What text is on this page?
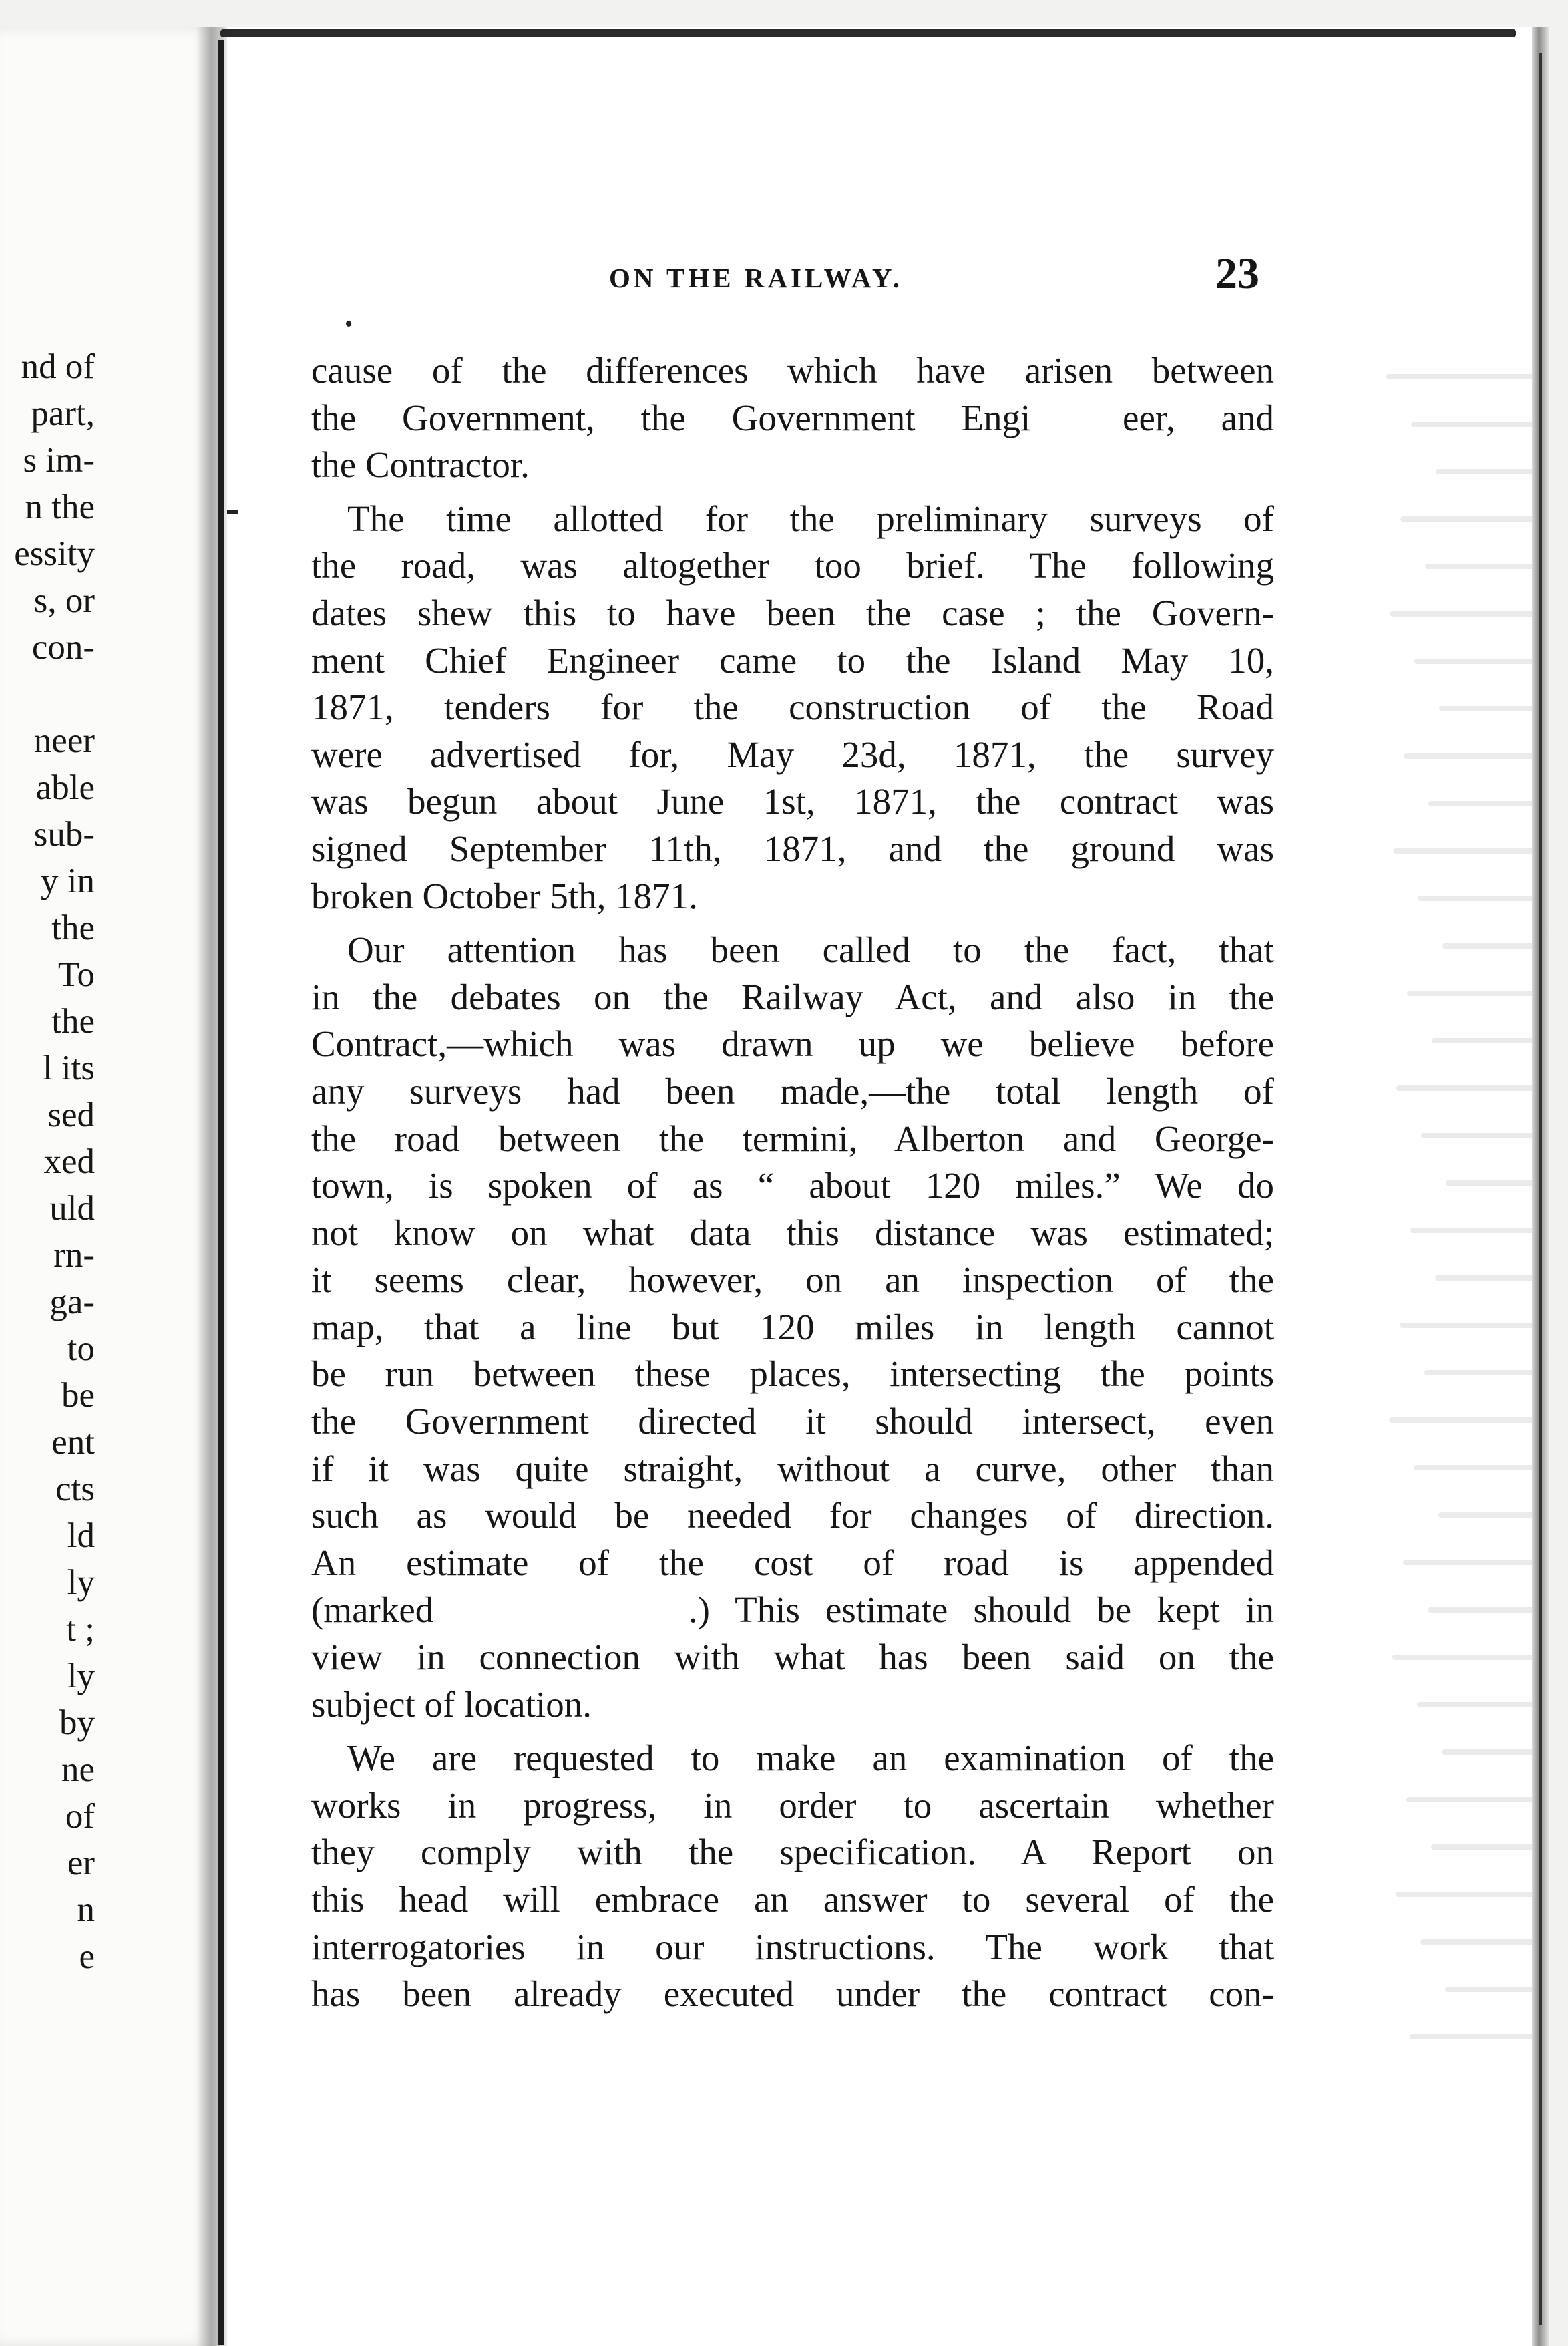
nd of
part,
s im-
n the
essity
s, or
con-

neer
able
sub-
y in
the
To
the
l its
sed
xed
uld
rn-
ga-
to
be
ent
cts
ld
ly
t ;
ly
by
ne
of
er
n
e
ON THE RAILWAY.	23
cause of the differences which have arisen between
the Government, the Government Engi  eer, and
the Contractor.
The time allotted for the preliminary surveys of
the road, was altogether too brief. The following
dates shew this to have been the case ; the Govern-
ment Chief Engineer came to the Island May 10,
1871, tenders for the construction of the Road
were advertised for, May 23d, 1871, the survey
was begun about June 1st, 1871, the contract was
signed September 11th, 1871, and the ground was
broken October 5th, 1871.
Our attention has been called to the fact, that
in the debates on the Railway Act, and also in the
Contract,—which was drawn up we believe before
any surveys had been made,—the total length of
the road between the termini, Alberton and George-
town, is spoken of as “ about 120 miles.” We do
not know on what data this distance was estimated;
it seems clear, however, on an inspection of the
map, that a line but 120 miles in length cannot
be run between these places, intersecting the points
the Government directed it should intersect, even
if it was quite straight, without a curve, other than
such as would be needed for changes of direction.
An estimate of the cost of road is appended
(marked          .) This estimate should be kept in
view in connection with what has been said on the
subject of location.
We are requested to make an examination of the
works in progress, in order to ascertain whether
they comply with the specification. A Report on
this head will embrace an answer to several of the
interrogatories in our instructions. The work that
has been already executed under the contract con-
